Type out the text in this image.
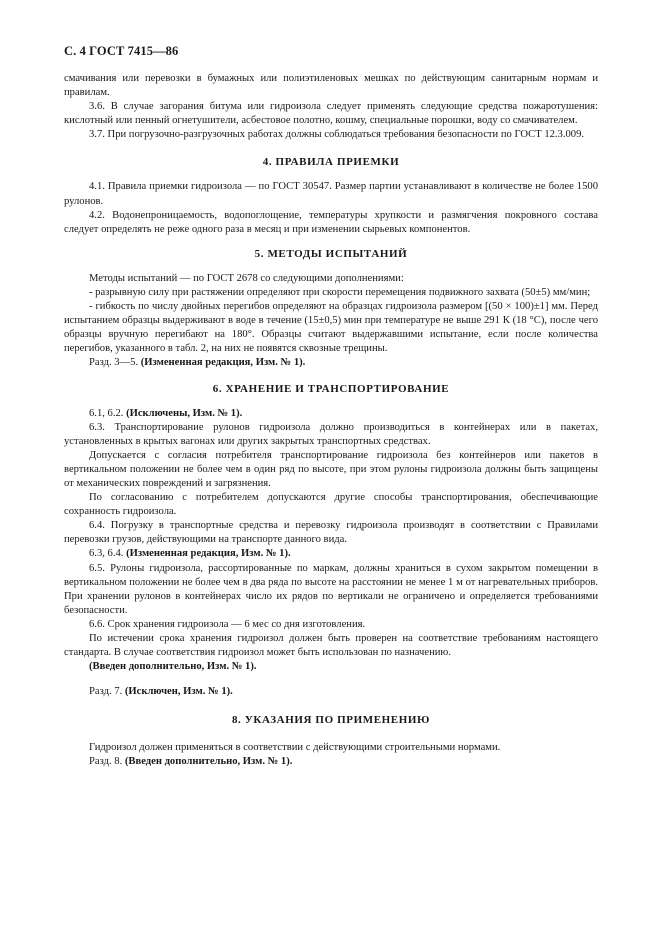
С. 4 ГОСТ 7415—86

смачивания или перевозки в бумажных или полиэтиленовых мешках по действующим санитарным нормам и правилам.

3.6. В случае загорания битума или гидроизола следует применять следующие средства пожаротушения: кислотный или пенный огнетушители, асбестовое полотно, кошму, специальные порошки, воду со смачивателем.

3.7. При погрузочно-разгрузочных работах должны соблюдаться требования безопасности по ГОСТ 12.3.009.

4. ПРАВИЛА ПРИЕМКИ

4.1. Правила приемки гидроизола — по ГОСТ 30547. Размер партии устанавливают в количестве не более 1500 рулонов.

4.2. Водонепроницаемость, водопоглощение, температуры хрупкости и размягчения покровного состава следует определять не реже одного раза в месяц и при изменении сырьевых компонентов.

5. МЕТОДЫ ИСПЫТАНИЙ

Методы испытаний — по ГОСТ 2678 со следующими дополнениями:

- разрывную силу при растяжении определяют при скорости перемещения подвижного захвата (50±5) мм/мин;

- гибкость по числу двойных перегибов определяют на образцах гидроизола размером [(50 × 100)±1] мм. Перед испытанием образцы выдерживают в воде в течение (15±0,5) мин при температуре не выше 291 К (18 °С), после чего образцы вручную перегибают на 180°. Образцы считают выдержавшими испытание, если после количества перегибов, указанного в табл. 2, на них не появятся сквозные трещины.

Разд. 3—5. (Измененная редакция, Изм. № 1).

6. ХРАНЕНИЕ И ТРАНСПОРТИРОВАНИЕ

6.1, 6.2. (Исключены, Изм. № 1).

6.3. Транспортирование рулонов гидроизола должно производиться в контейнерах или в пакетах, установленных в крытых вагонах или других закрытых транспортных средствах.

Допускается с согласия потребителя транспортирование гидроизола без контейнеров или пакетов в вертикальном положении не более чем в один ряд по высоте, при этом рулоны гидроизола должны быть защищены от механических повреждений и загрязнения.

По согласованию с потребителем допускаются другие способы транспортирования, обеспечивающие сохранность гидроизола.

6.4. Погрузку в транспортные средства и перевозку гидроизола производят в соответствии с Правилами перевозки грузов, действующими на транспорте данного вида.

6.3, 6.4. (Измененная редакция, Изм. № 1).

6.5. Рулоны гидроизола, рассортированные по маркам, должны храниться в сухом закрытом помещении в вертикальном положении не более чем в два ряда по высоте на расстоянии не менее 1 м от нагревательных приборов. При хранении рулонов в контейнерах число их рядов по вертикали не ограничено и определяется требованиями безопасности.

6.6. Срок хранения гидроизола — 6 мес со дня изготовления.

По истечении срока хранения гидроизол должен быть проверен на соответствие требованиям настоящего стандарта. В случае соответствия гидроизол может быть использован по назначению.

(Введен дополнительно, Изм. № 1).

Разд. 7. (Исключен, Изм. № 1).

8. УКАЗАНИЯ ПО ПРИМЕНЕНИЮ

Гидроизол должен применяться в соответствии с действующими строительными нормами.

Разд. 8. (Введен дополнительно, Изм. № 1).
